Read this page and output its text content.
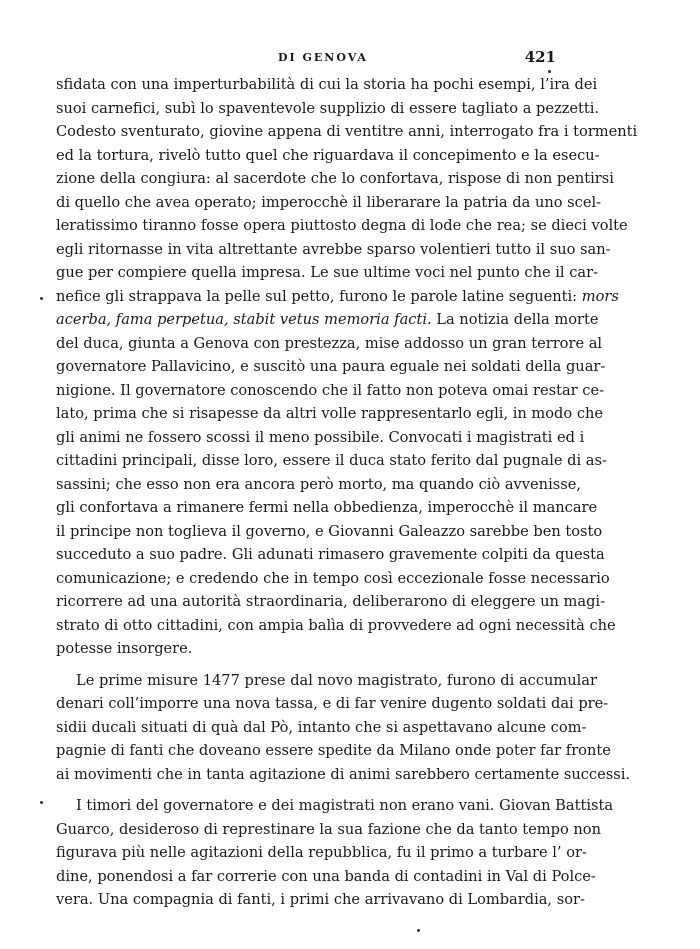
DI GENOVA	421
sfidata con una imperturbabilità di cui la storia ha pochi esempi, l’ira dei
suoi carnefici, subì lo spaventevole supplizio di essere tagliato a pezzetti.
Codesto sventurato, giovine appena di ventitre anni, interrogato fra i tormenti
ed la tortura, rivelò tutto quel che riguardava il concepimento e la esecu-
zione della congiura: al sacerdote che lo confortava, rispose di non pentirsi
di quello che avea operato; imperocchè il liberarare la patria da uno scel-
leratissimo tiranno fosse opera piuttosto degna di lode che rea; se dieci volte
egli ritornasse in vita altrettante avrebbe sparso volentieri tutto il suo san-
gue per compiere quella impresa. Le sue ultime voci nel punto che il car-
nefice gli strappava la pelle sul petto, furono le parole latine seguenti: mors
acerba, fama perpetua, stabit vetus memoria facti. La notizia della morte
del duca, giunta a Genova con prestezza, mise addosso un gran terrore al
governatore Pallavicino, e suscitò una paura eguale nei soldati della guar-
nigione. Il governatore conoscendo che il fatto non poteva omai restar ce-
lato, prima che si risapesse da altri volle rappresentarlo egli, in modo che
gli animi ne fossero scossi il meno possibile. Convocati i magistrati ed i
cittadini principali, disse loro, essere il duca stato ferito dal pugnale di as-
sassini; che esso non era ancora però morto, ma quando ciò avvenisse,
gli confortava a rimanere fermi nella obbedienza, imperocchè il mancare
il principe non toglieva il governo, e Giovanni Galeazzo sarebbe ben tosto
succeduto a suo padre. Gli adunati rimasero gravemente colpiti da questa
comunicazione; e credendo che in tempo così eccezionale fosse necessario
ricorrere ad una autorità straordinaria, deliberarono di eleggere un magi-
strato di otto cittadini, con ampia balìa di provvedere ad ogni necessità che
potesse insorgere.
Le prime misure 1477 prese dal novo magistrato, furono di accumular
denari coll’imporre una nova tassa, e di far venire dugento soldati dai pre-
sidii ducali situati di quà dal Pò, intanto che si aspettavano alcune com-
pagnie di fanti che doveano essere spedite da Milano onde poter far fronte
ai movimenti che in tanta agitazione di animi sarebbero certamente successi.
I timori del governatore e dei magistrati non erano vani. Giovan Battista
Guarco, desideroso di represtinare la sua fazione che da tanto tempo non
figurava più nelle agitazioni della repubblica, fu il primo a turbare l’ or-
dine, ponendosi a far correrie con una banda di contadini in Val di Polce-
vera. Una compagnia di fanti, i primi che arrivavano di Lombardia, sor-
